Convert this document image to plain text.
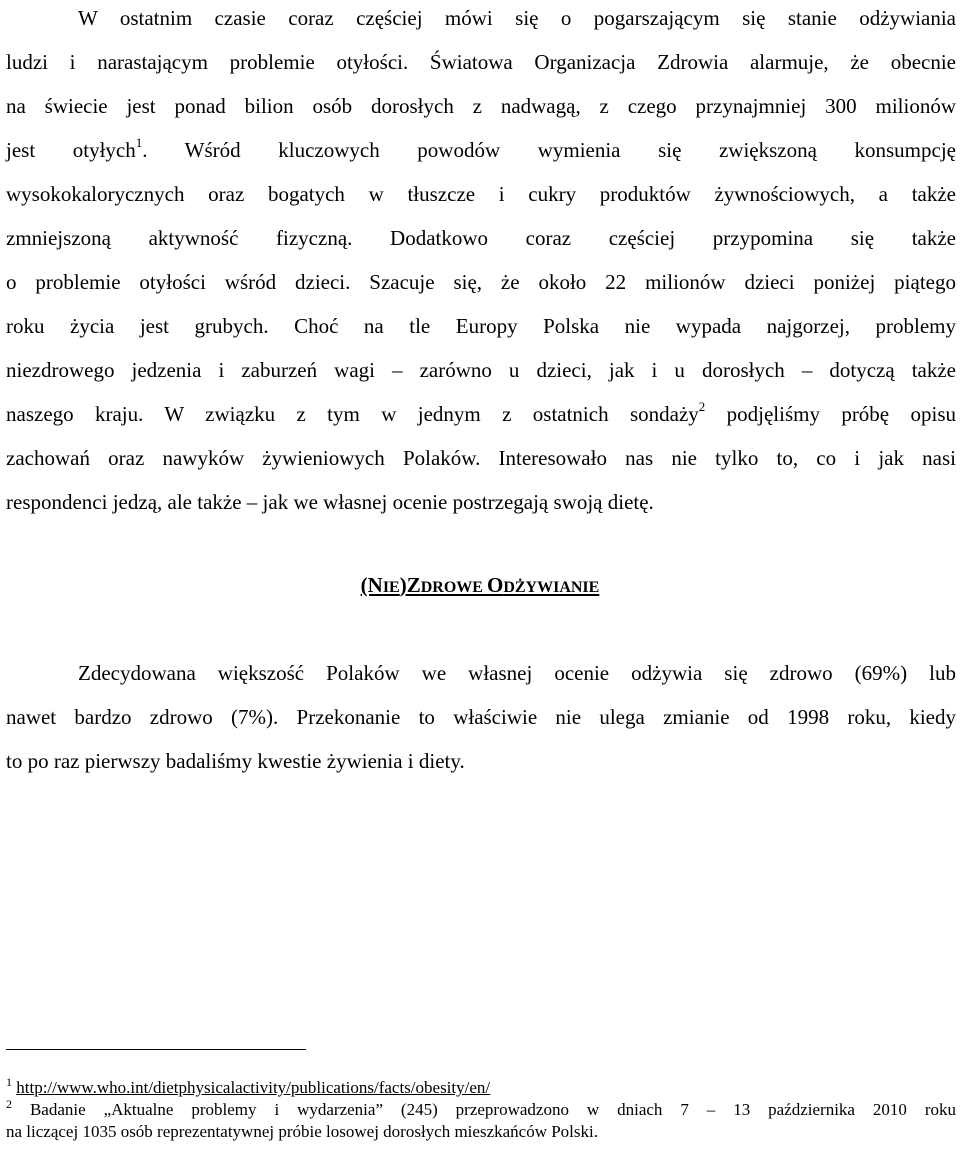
W ostatnim czasie coraz częściej mówi się o pogarszającym się stanie odżywiania
ludzi i narastającym problemie otyłości. Światowa Organizacja Zdrowia alarmuje, że obecnie
na świecie jest ponad bilion osób dorosłych z nadwagą, z czego przynajmniej 300 milionów
jest otyłych$^1$. Wśród kluczowych powodów wymienia się zwiększoną konsumpcję
wysokokalorycznych oraz bogatych w tłuszcze i cukry produktów żywnościowych, a także
zmniejszoną aktywność fizyczną. Dodatkowo coraz częściej przypomina się także
o problemie otyłości wśród dzieci. Szacuje się, że około 22 milionów dzieci poniżej piątego
roku życia jest grubych. Choć na tle Europy Polska nie wypada najgorzej, problemy
niezdrowego jedzenia i zaburzeń wagi – zarówno u dzieci, jak i u dorosłych – dotyczą także
naszego kraju. W związku z tym w jednym z ostatnich sondaży$^2$ podjęliśmy próbę opisu
zachowań oraz nawyków żywieniowych Polaków. Interesowało nas nie tylko to, co i jak nasi
respondenci jedzą, ale także – jak we własnej ocenie postrzegają swoją dietę.
(NIE)ZDROWE ODŻYWIANIE
Zdecydowana większość Polaków we własnej ocenie odżywia się zdrowo (69%) lub
nawet bardzo zdrowo (7%). Przekonanie to właściwie nie ulega zmianie od 1998 roku, kiedy
to po raz pierwszy badaliśmy kwestie żywienia i diety.
$^1$ http://www.who.int/dietphysicalactivity/publications/facts/obesity/en/
$^2$ Badanie „Aktualne problemy i wydarzenia” (245) przeprowadzono w dniach 7 – 13 października 2010 roku
na liczącej 1035 osób reprezentatywnej próbie losowej dorosłych mieszkańców Polski.
